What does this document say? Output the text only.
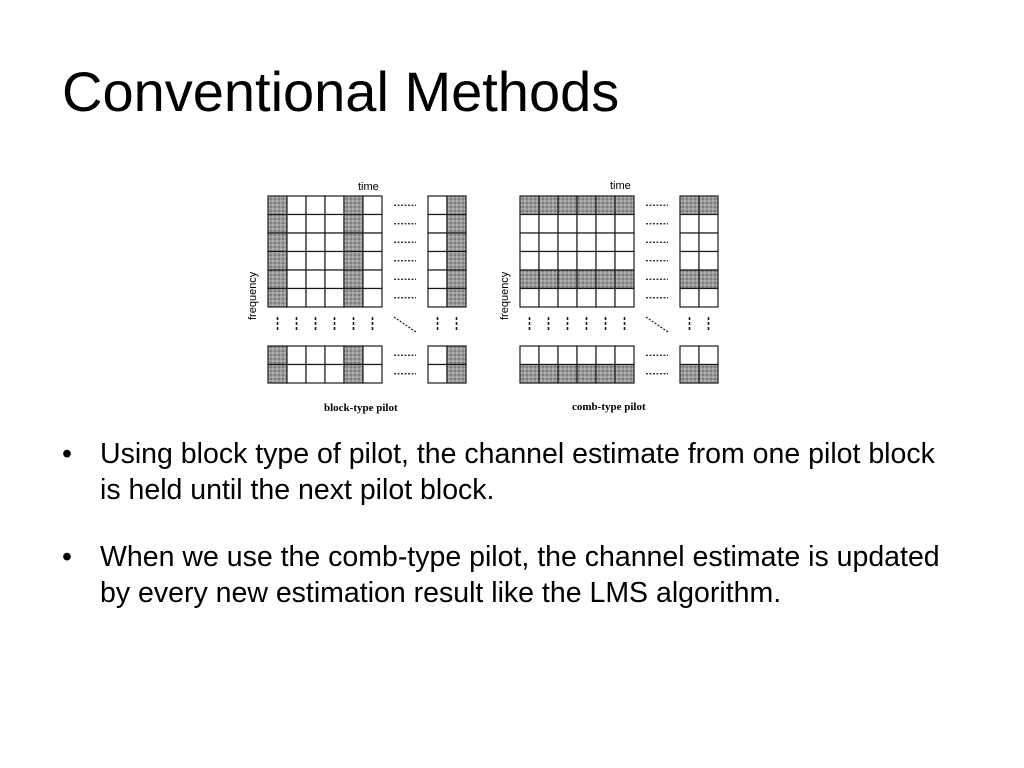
Conventional Methods
time
frequency
block-type pilot
time
frequency
comb-type pilot
• Using block type of pilot, the channel estimate from one pilot block is held until the next pilot block.
• When we use the comb-type pilot, the channel estimate is updated by every new estimation result like the LMS algorithm.
